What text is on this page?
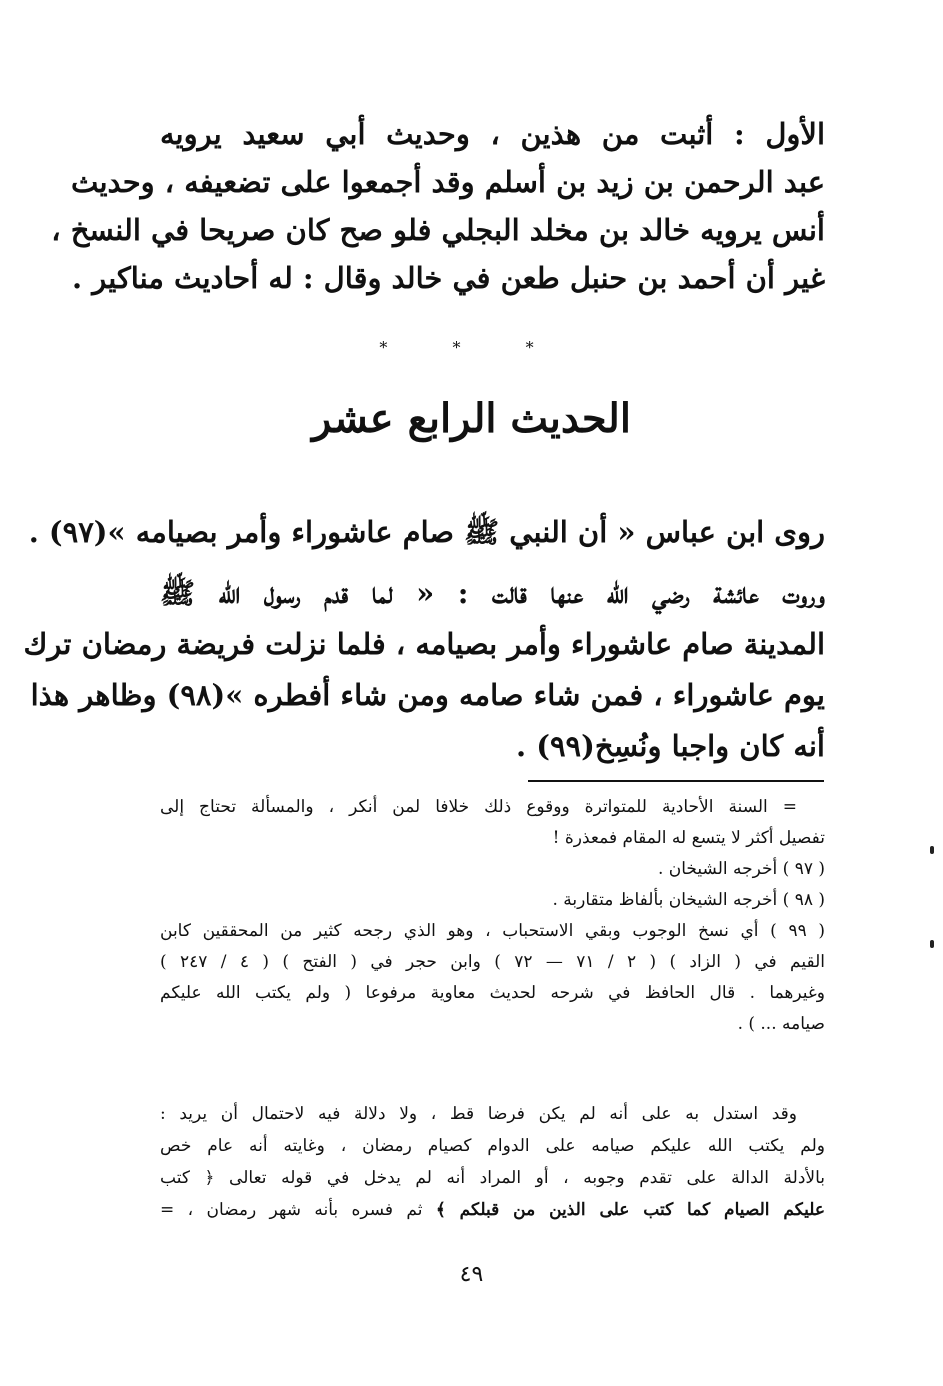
الأول : أثبت من هذين ، وحديث أبي سعيد يرويه
عبد الرحمن بن زيد بن أسلم وقد أجمعوا على تضعيفه ، وحديث
أنس يرويه خالد بن مخلد البجلي فلو صح كان صريحا في النسخ ،
غير أن أحمد بن حنبل طعن في خالد وقال : له أحاديث مناكير .
* * *
الحديث الرابع عشر
روى ابن عباس « أن النبي ﷺ صام عاشوراء وأمر بصيامه »(٩٧) .
وروت عائشة رضي الله عنها قالت : « لما قدم رسول الله ﷺ
المدينة صام عاشوراء وأمر بصيامه ، فلما نزلت فريضة رمضان ترك
يوم عاشوراء ، فمن شاء صامه ومن شاء أفطره »(٩٨) وظاهر هذا
أنه كان واجبا ونُسِخ(٩٩) .
= السنة الأحادية للمتواترة ووقوع ذلك خلافا لمن أنكر ، والمسألة تحتاج إلى
تفصيل أكثر لا يتسع له المقام فمعذرة !
( ٩٧ ) أخرجه الشيخان .
( ٩٨ ) أخرجه الشيخان بألفاظ متقاربة .
( ٩٩ ) أي نسخ الوجوب وبقي الاستحباب ، وهو الذي رجحه كثير من المحققين كابن
القيم في ( الزاد ) ( ٢ / ٧١ — ٧٢ ) وابن حجر في ( الفتح ) ( ٤ / ٢٤٧ )
وغيرهما . قال الحافظ في شرحه لحديث معاوية مرفوعا ( ولم يكتب الله عليكم
صيامه ... ) .
وقد استدل به على أنه لم يكن فرضا قط ، ولا دلالة فيه لاحتمال أن يريد :
ولم يكتب الله عليكم صيامه على الدوام كصيام رمضان ، وغايته أنه عام خص
بالأدلة الدالة على تقدم وجوبه ، أو المراد أنه لم يدخل في قوله تعالى ﴿ كتب
عليكم الصيام كما كتب على الذين من قبلكم ﴾ ثم فسره بأنه شهر رمضان ، =
٤٩
